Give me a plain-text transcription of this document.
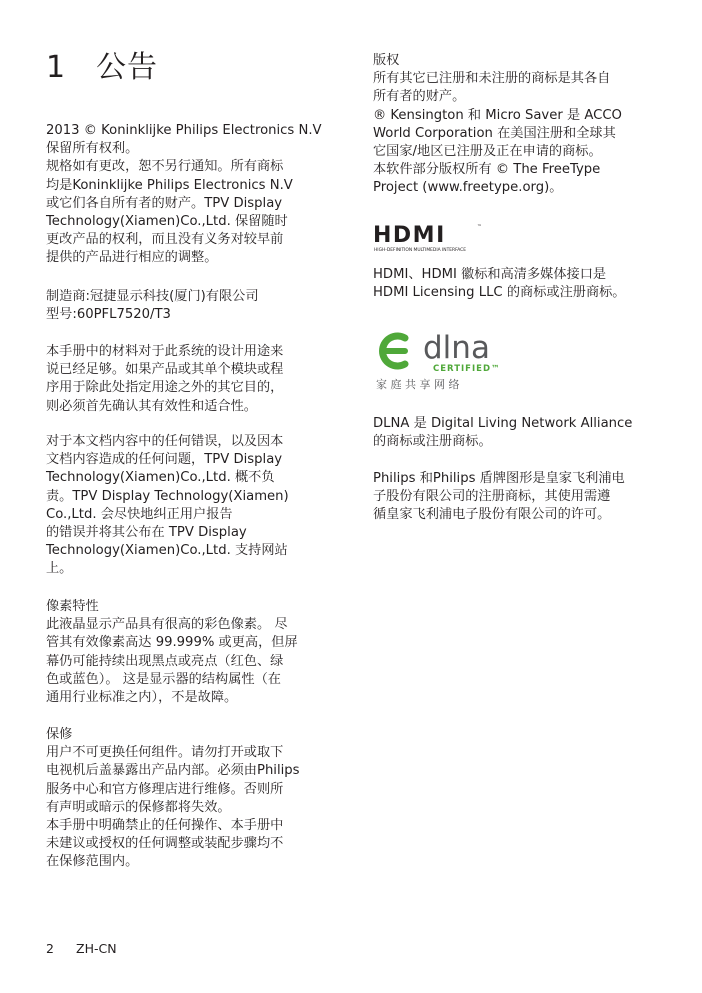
1 公告

2013 © Koninklijke Philips Electronics N.V

保留所有权利。

规格如有更改，恕不另行通知。所有商标

均是Koninklijke Philips Electronics N.V

或它们各自所有者的财产。TPV Display

Technology(Xiamen)Co.,Ltd. 保留随时

更改产品的权利，而且没有义务对较早前

提供的产品进行相应的调整。

制造商:冠捷显示科技(厦门)有限公司

型号:60PFL7520/T3

本手册中的材料对于此系统的设计用途来

说已经足够。如果产品或其单个模块或程

序用于除此处指定用途之外的其它目的，

则必须首先确认其有效性和适合性。

对于本文档内容中的任何错误，以及因本

文档内容造成的任何问题，TPV Display

Technology(Xiamen)Co.,Ltd. 概不负

责。TPV Display Technology(Xiamen)

Co.,Ltd. 会尽快地纠正用户报告

的错误并将其公布在 TPV Display

Technology(Xiamen)Co.,Ltd. 支持网站

上。

像素特性

此液晶显示产品具有很高的彩色像素。 尽

管其有效像素高达 99.999% 或更高，但屏

幕仍可能持续出现黑点或亮点（红色、绿

色或蓝色）。 这是显示器的结构属性（在

通用行业标准之内），不是故障。

保修

用户不可更换任何组件。请勿打开或取下

电视机后盖暴露出产品内部。必须由Philips

服务中心和官方修理店进行维修。否则所

有声明或暗示的保修都将失效。

本手册中明确禁止的任何操作、本手册中

未建议或授权的任何调整或装配步骤均不

在保修范围内。

版权

所有其它已注册和未注册的商标是其各自

所有者的财产。

® Kensington 和 Micro Saver 是 ACCO

World Corporation 在美国注册和全球其

它国家/地区已注册及正在申请的商标。

本软件部分版权所有 © The FreeType

Project (www.freetype.org)。

HDMI	™
HIGH-DEFINITION MULTIMEDIA INTERFACE

HDMI、HDMI 徽标和高清多媒体接口是

HDMI Licensing LLC 的商标或注册商标。

dlna
CERTIFIED™
家 庭 共 享 网 络

DLNA 是 Digital Living Network Alliance

的商标或注册商标。

Philips 和Philips 盾牌图形是皇家飞利浦电

子股份有限公司的注册商标，其使用需遵

循皇家飞利浦电子股份有限公司的许可。

2 ZH-CN
